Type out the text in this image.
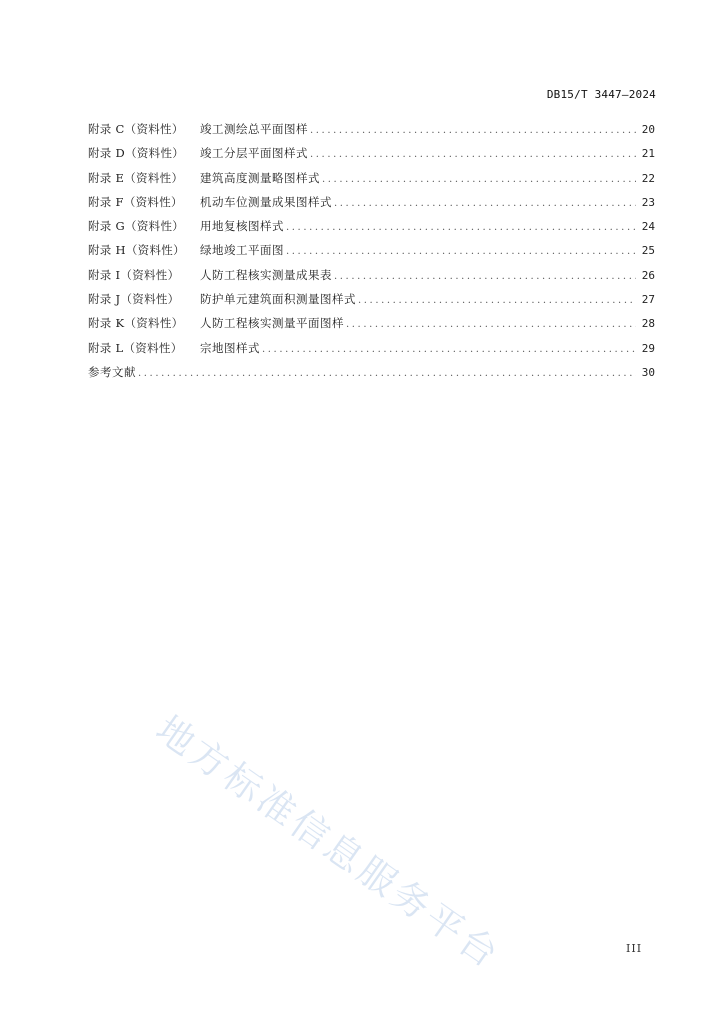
DB15/T 3447—2024
附录 C（资料性）	竣工测绘总平面图样 .....	20
附录 D（资料性）	竣工分层平面图样式 .....	21
附录 E（资料性）	建筑高度测量略图样式 .....	22
附录 F（资料性）	机动车位测量成果图样式 .....	23
附录 G（资料性）	用地复核图样式 .....	24
附录 H（资料性）	绿地竣工平面图 .....	25
附录 I（资料性）	人防工程核实测量成果表 .....	26
附录 J（资料性）	防护单元建筑面积测量图样式 .....	27
附录 K（资料性）	人防工程核实测量平面图样 .....	28
附录 L（资料性）	宗地图样式 .....	29
参考文献 .....	30
地方标准信息服务平台	III
